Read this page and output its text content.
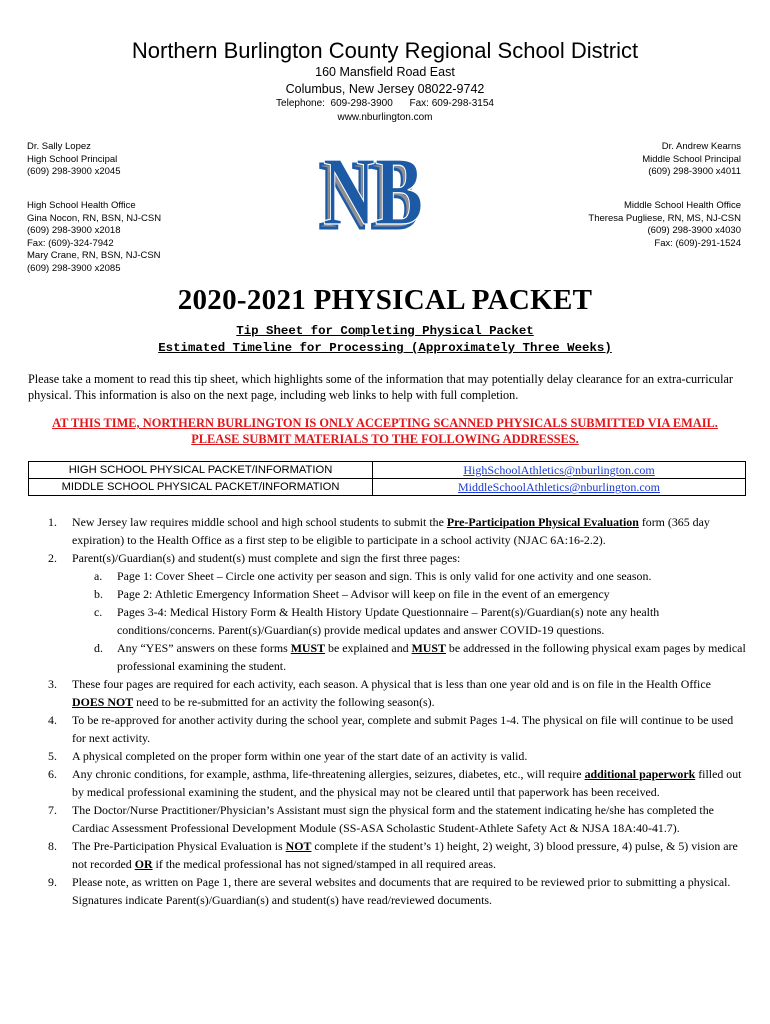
Northern Burlington County Regional School District
160 Mansfield Road East
Columbus, New Jersey 08022-9742
Telephone:  609-298-3900      Fax: 609-298-3154
www.nburlington.com
Dr. Sally Lopez
High School Principal
(609) 298-3900 x2045
Dr. Andrew Kearns
Middle School Principal
(609) 298-3900 x4011
High School Health Office
Gina Nocon, RN, BSN, NJ-CSN
(609) 298-3900 x2018
Fax: (609)-324-7942
Mary Crane, RN, BSN, NJ-CSN
(609) 298-3900 x2085
Middle School Health Office
Theresa Pugliese, RN, MS, NJ-CSN
(609) 298-3900 x4030
Fax: (609)-291-1524
NB
NB
2020-2021 PHYSICAL PACKET
Tip Sheet for Completing Physical Packet
Estimated Timeline for Processing (Approximately Three Weeks)
Please take a moment to read this tip sheet, which highlights some of the information that may potentially delay clearance for an extra-curricular physical. This information is also on the next page, including web links to help with full completion.
AT THIS TIME, NORTHERN BURLINGTON IS ONLY ACCEPTING SCANNED PHYSICALS SUBMITTED VIA EMAIL. PLEASE SUBMIT MATERIALS TO THE FOLLOWING ADDRESSES.
HIGH SCHOOL PHYSICAL PACKET/INFORMATION	HighSchoolAthletics@nburlington.com
MIDDLE SCHOOL PHYSICAL PACKET/INFORMATION	MiddleSchoolAthletics@nburlington.com
1. New Jersey law requires middle school and high school students to submit the Pre-Participation Physical Evaluation form (365 day expiration) to the Health Office as a first step to be eligible to participate in a school activity (NJAC 6A:16-2.2).
2. Parent(s)/Guardian(s) and student(s) must complete and sign the first three pages:
a. Page 1: Cover Sheet – Circle one activity per season and sign. This is only valid for one activity and one season.
b. Page 2: Athletic Emergency Information Sheet – Advisor will keep on file in the event of an emergency
c. Pages 3-4: Medical History Form & Health History Update Questionnaire – Parent(s)/Guardian(s) note any health conditions/concerns. Parent(s)/Guardian(s) provide medical updates and answer COVID-19 questions.
d. Any “YES” answers on these forms MUST be explained and MUST be addressed in the following physical exam pages by medical professional examining the student.
3. These four pages are required for each activity, each season. A physical that is less than one year old and is on file in the Health Office DOES NOT need to be re-submitted for an activity the following season(s).
4. To be re-approved for another activity during the school year, complete and submit Pages 1-4. The physical on file will continue to be used for next activity.
5. A physical completed on the proper form within one year of the start date of an activity is valid.
6. Any chronic conditions, for example, asthma, life-threatening allergies, seizures, diabetes, etc., will require additional paperwork filled out by medical professional examining the student, and the physical may not be cleared until that paperwork has been received.
7. The Doctor/Nurse Practitioner/Physician’s Assistant must sign the physical form and the statement indicating he/she has completed the Cardiac Assessment Professional Development Module (SS-ASA Scholastic Student-Athlete Safety Act & NJSA 18A:40-41.7).
8. The Pre-Participation Physical Evaluation is NOT complete if the student’s 1) height, 2) weight, 3) blood pressure, 4) pulse, & 5) vision are not recorded OR if the medical professional has not signed/stamped in all required areas.
9. Please note, as written on Page 1, there are several websites and documents that are required to be reviewed prior to submitting a physical. Signatures indicate Parent(s)/Guardian(s) and student(s) have read/reviewed documents.
